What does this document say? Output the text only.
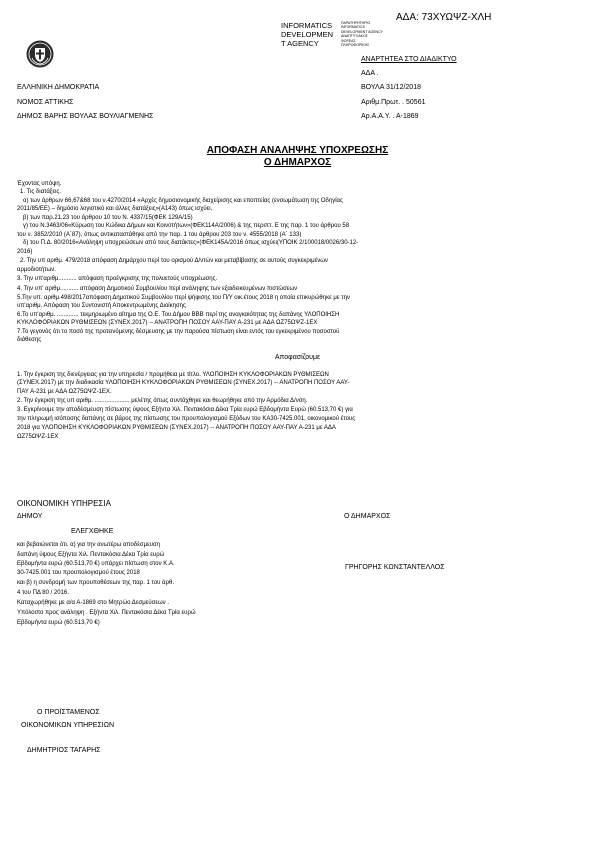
ΑΔΑ: 73ΧΥΩΨΖ-ΧΛΗ
INFORMATICS
DEVELOPMEN
T AGENCY
ΠΑΡΑΤΗΡΗΤΗΡΙΟ
INFORMATICS
DEVELOPMENT AGENCY
ΑΝΑΠΤΥΞΙΑΚΟΣ
ΦΟΡΕΑΣ
ΠΛΗΡΟΦΟΡΙΚΗΣ
ΕΛΛΗΝΙΚΗ ΔΗΜΟΚΡΑΤΙΑ
ΝΟΜΟΣ ΑΤΤΙΚΗΣ
ΔΗΜΟΣ ΒΑΡΗΣ ΒΟΥΛΑΣ ΒΟΥΛΙΑΓΜΕΝΗΣ
ΑΝΑΡΤΗΤΕΑ ΣΤΟ ΔΙΑΔΙΚΤΥΟ
ΑΔΑ .
ΒΟΥΛΑ 31/12/2018
Αριθμ.Πρωτ. . 50561
Αρ.Α.Α.Υ. . Α-1869
ΑΠΟΦΑΣΗ ΑΝΑΛΗΨΗΣ ΥΠΟΧΡΕΩΣΗΣ
Ο ΔΗΜΑΡΧΟΣ
Έχοντας υπόψη.
1. Τις διατάξεις.
α) των άρθρων 66,67&68 του ν.4270/2014 «Αρχές δημοσιονομικής διαχείρισης και εποπτείας (ενσωμάτωση της Οδηγίας
2011/85/ΕΕ) – δημόσιο λογιστικό και άλλες διατάξεις»(Α143) όπως ισχύει,
β) των παρ.21,23 του άρθρου 10 του Ν. 4337/15(ΦΕΚ 129Α/15)
γ) του Ν.3463/06«Κύρωση του Κώδικα Δήμων και Κοινοτήτων»(ΦΕΚ114Α/2006) & της περιπτ. Ε της παρ. 1 του άρθρου 58
του ν. 3852/2010 (Α΄87), όπως αντικαταστάθηκε από την παρ. 1 του άρθρου 203 του ν. 4555/2018 (Α΄ 133)
δ) του Π.Δ. 80/2016«Ανάληψη υποχρεώσεων από τους διατάκτες»(ΦΕΚ145Α/2016 όπως ισχύει(ΥΠΟΙΚ 2/100018/0026/30-12-
2016)
2. Την υπ αριθμ. 479/2018 απόφαση Δημάρχου περί του ορισμού Δ/ντών και μεταβίβασης σε αυτούς συγκεκριμένων
αρμοδιοτήτων.
3. Την υπ'αριθμ........... απόφαση προέγκρισης της πολυετούς υποχρέωσης.
4. Την υπ' αριθμ........... απόφαση Δημοτικού Συμβουλίου περί ανάληψης των εξαιδεικευμένων πιστώσεων
5.Την υπ. αριθμ.498/2017απόφαση Δημοτικού Συμβουλίου περί ψήφισης του Π/Υ οικ.έτους 2018 η οποία επικυρώθηκε με την
υπ'αριθμ. Απόφαση του Συντονιστή Αποκεντρωμένης Διοίκησης
6.Το υπ'αριθμ. ............. τεκμηριωμένο αίτημα της Ο.Ε. Του Δήμου ΒΒΒ περί της αναγκαιότητας της δαπάνης ΥΛΟΠΟΙΗΣΗ
ΚΥΚΛΟΦΟΡΙΑΚΩΝ ΡΥΘΜΙΣΕΩΝ (ΣΥΝΕΧ.2017) -- ΑΝΑΤΡΟΠΗ ΠΟΣΟΥ ΑΑΥ-ΠΑΥ Α-231 με ΑΔΑ ΩΖ75ΩΨΖ-1ΕΧ
7.Το γεγονός ότι το ποσό της προτεινόμενης δέσμευσης με την παρούσα πίστωση είναι εντός του εγκεκριμένου ποσοστού
διάθεσης
Αποφασίζουμε
1. Την έγκριση της διενέργειας για την υπηρεσία / προμήθεια με τίτλο. ΥΛΟΠΟΙΗΣΗ ΚΥΚΛΟΦΟΡΙΑΚΩΝ ΡΥΘΜΙΣΕΩΝ
(ΣΥΝΕΧ.2017) με την διαδικασία ΥΛΟΠΟΙΗΣΗ ΚΥΚΛΟΦΟΡΙΑΚΩΝ ΡΥΘΜΙΣΕΩΝ (ΣΥΝΕΧ.2017) -- ΑΝΑΤΡΟΠΗ ΠΟΣΟΥ ΑΑΥ-
ΠΑΥ Α-231 με ΑΔΑ ΩΖ75ΩΨΖ-1ΕΧ.
2. Την έγκριση της υπ αριθμ. ..................... μελέτης όπως συντάχθηκε και θεωρήθηκε από την Αρμόδια Δ/νση.
3. Εγκρίνουμε την αποδέσμευση πίστωσης ύψους Εξήντα Χιλ. Πεντακόσια Δέκα Τρία ευρώ Εβδομήντα Ευρώ (60.513,70 €) για
την πληρωμή ισόποσης δαπάνης σε βάρος της πίστωσης του προυπολογισμού Εξόδων του ΚΑ30-7425.001, οικονομικού έτους
2018 για ΥΛΟΠΟΙΗΣΗ ΚΥΚΛΟΦΟΡΙΑΚΩΝ ΡΥΘΜΙΣΕΩΝ (ΣΥΝΕΧ.2017) -- ΑΝΑΤΡΟΠΗ ΠΟΣΟΥ ΑΑΥ-ΠΑΥ Α-231 με ΑΔΑ
ΩΖ75ΩΨΖ-1ΕΧ
ΟΙΚΟΝΟΜΙΚΗ ΥΠΗΡΕΣΙΑ
ΔΗΜΟΥ
ΕΛΕΓΧΘΗΚΕ
και βεβαιώνεται ότι. α) για την ανωτέρω αποδέσμευση
δαπάνη ύψους Εξήντα Χιλ. Πεντακόσια Δέκα Τρία ευρώ
Εβδομήντα ευρώ (60.513,70 €) υπάρχει πίστωση στον Κ.Α.
30-7425.001 του προυπολογισμού έτους 2018
και β) η συνδρομή των προυποθέσεων της παρ. 1 του άρθ.
4 του ΠΔ 80 / 2016.
Καταχωρήθηκε με α/α Α-1869 στο Μητρώο Δεσμεύσεων .
Υπόλοιπο προς ανάληψη . Εξήντα Χιλ. Πεντακόσια Δέκα Τρία ευρώ
Εβδομήντα ευρώ (60.513,70 €)
Ο ΔΗΜΑΡΧΟΣ
ΓΡΗΓΟΡΗΣ ΚΩΝΣΤΑΝΤΕΛΛΟΣ
Ο ΠΡΟΪΣΤΑΜΕΝΟΣ
ΟΙΚΟΝΟΜΙΚΩΝ ΥΠΗΡΕΣΙΩΝ
ΔΗΜΗΤΡΙΟΣ ΤΑΓΑΡΗΣ
